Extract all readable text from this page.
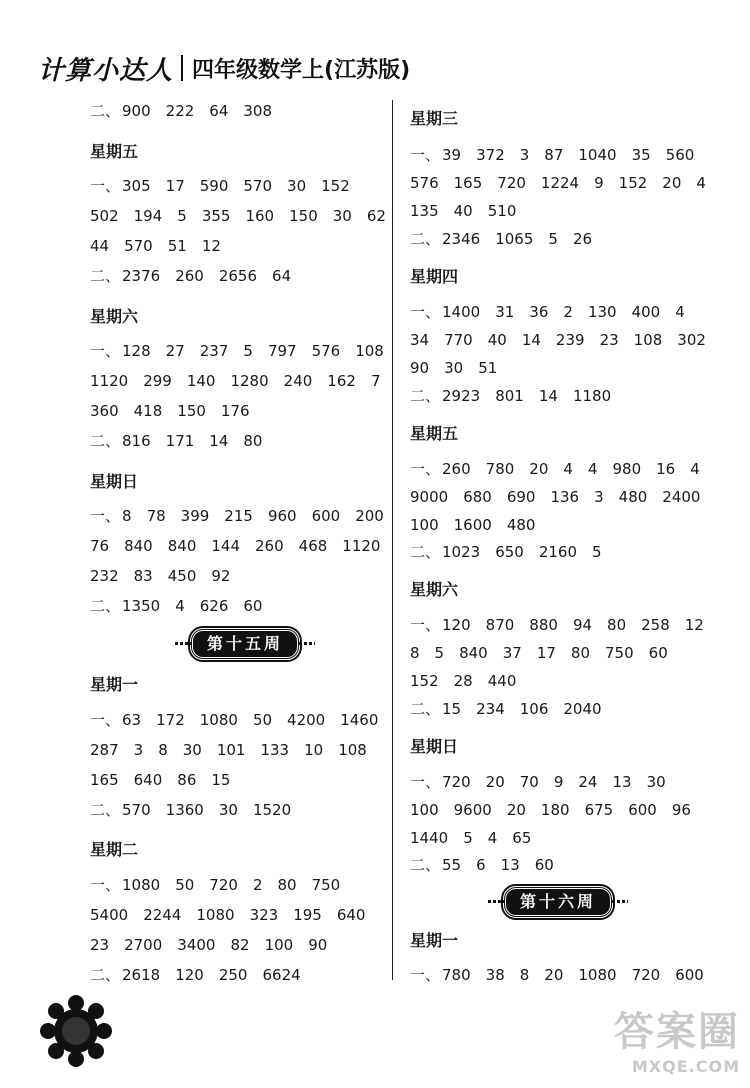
计算小达人 四年级数学上(江苏版)
二、 900 222 64 308
星期五
一、 305 17 590 570 30 152
502 194 5 355 160 150 30 62
44 570 51 12
二、 2376 260 2656 64
星期六
一、 128 27 237 5 797 576 108
1120 299 140 1280 240 162 7
360 418 150 176
二、 816 171 14 80
星期日
一、 8 78 399 215 960 600 200
76 840 840 144 260 468 1120
232 83 450 92
二、 1350 4 626 60
第十五周
星期一
一、 63 172 1080 50 4200 1460
287 3 8 30 101 133 10 108
165 640 86 15
二、 570 1360 30 1520
星期二
一、 1080 50 720 2 80 750
5400 2244 1080 323 195 640
23 2700 3400 82 100 90
二、 2618 120 250 6624
星期三
一、 39 372 3 87 1040 35 560
576 165 720 1224 9 152 20 4
135 40 510
二、 2346 1065 5 26
星期四
一、 1400 31 36 2 130 400 4
34 770 40 14 239 23 108 302
90 30 51
二、 2923 801 14 1180
星期五
一、 260 780 20 4 4 980 16 4
9000 680 690 136 3 480 2400
100 1600 480
二、 1023 650 2160 5
星期六
一、 120 870 880 94 80 258 12
8 5 840 37 17 80 750 60
152 28 440
二、 15 234 106 2040
星期日
一、 720 20 70 9 24 13 30
100 9600 20 180 675 600 96
1440 5 4 65
二、 55 6 13 60
第十六周
星期一
一、 780 38 8 20 1080 720 600
答案圈
MXQE.COM
